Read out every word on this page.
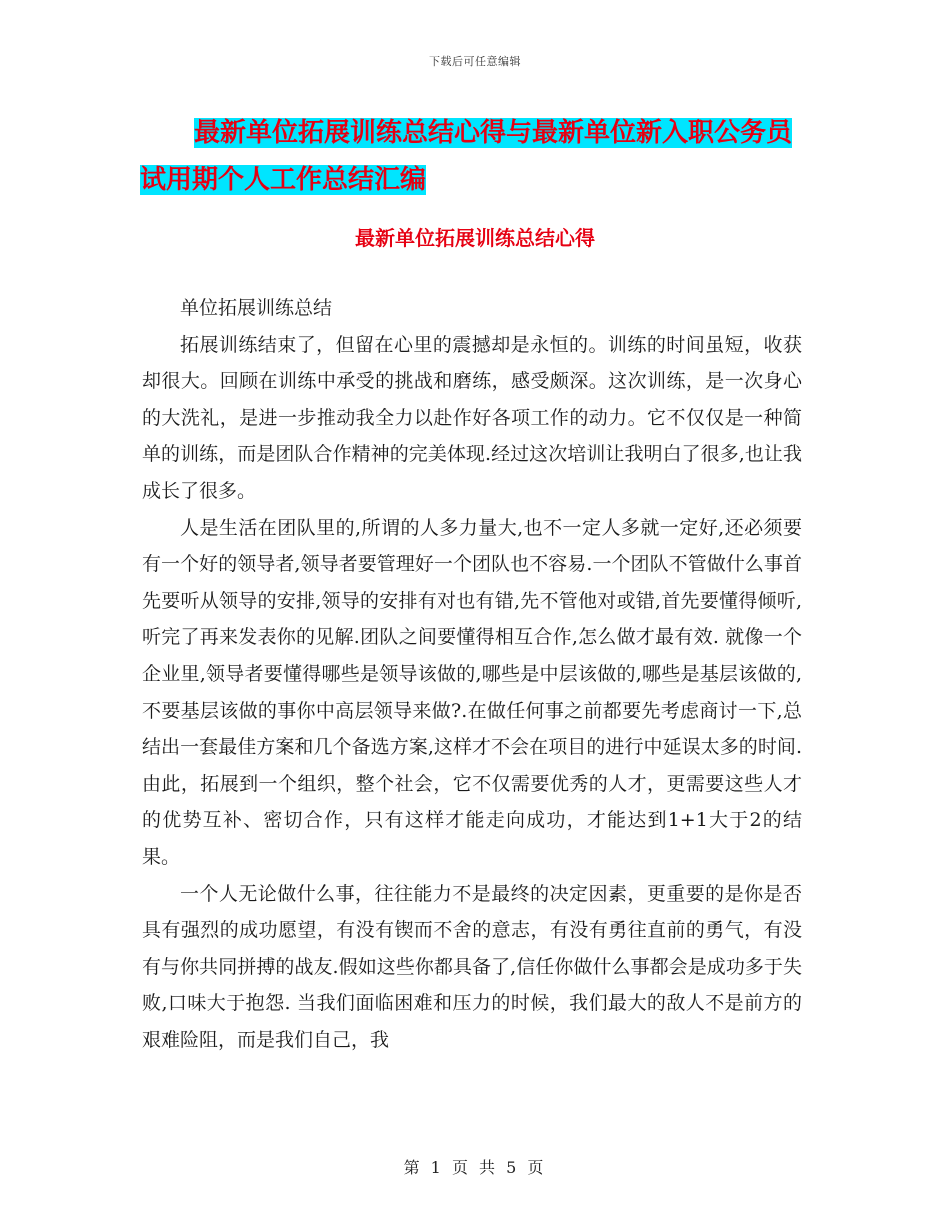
下载后可任意编辑
最新单位拓展训练总结心得与最新单位新入职公务员
试用期个人工作总结汇编
最新单位拓展训练总结心得

单位拓展训练总结

拓展训练结束了，但留在心里的震撼却是永恒的。训练的时间虽短，收获却很大。回顾在训练中承受的挑战和磨练，感受颇深。这次训练，是一次身心的大洗礼，是进一步推动我全力以赴作好各项工作的动力。它不仅仅是一种简单的训练，而是团队合作精神的完美体现.经过这次培训让我明白了很多,也让我成长了很多。

人是生活在团队里的,所谓的人多力量大,也不一定人多就一定好,还必须要有一个好的领导者,领导者要管理好一个团队也不容易.一个团队不管做什么事首先要听从领导的安排,领导的安排有对也有错,先不管他对或错,首先要懂得倾听,听完了再来发表你的见解.团队之间要懂得相互合作,怎么做才最有效. 就像一个企业里,领导者要懂得哪些是领导该做的,哪些是中层该做的,哪些是基层该做的,不要基层该做的事你中高层领导来做?.在做任何事之前都要先考虑商讨一下,总结出一套最佳方案和几个备选方案,这样才不会在项目的进行中延误太多的时间. 由此，拓展到一个组织，整个社会，它不仅需要优秀的人才，更需要这些人才的优势互补、密切合作，只有这样才能走向成功，才能达到1+1大于2的结果。

一个人无论做什么事，往往能力不是最终的决定因素，更重要的是你是否具有强烈的成功愿望，有没有锲而不舍的意志，有没有勇往直前的勇气，有没有与你共同拼搏的战友.假如这些你都具备了,信任你做什么事都会是成功多于失败,口味大于抱怨. 当我们面临困难和压力的时候，我们最大的敌人不是前方的艰难险阻，而是我们自己，我

第 1 页 共 5 页
